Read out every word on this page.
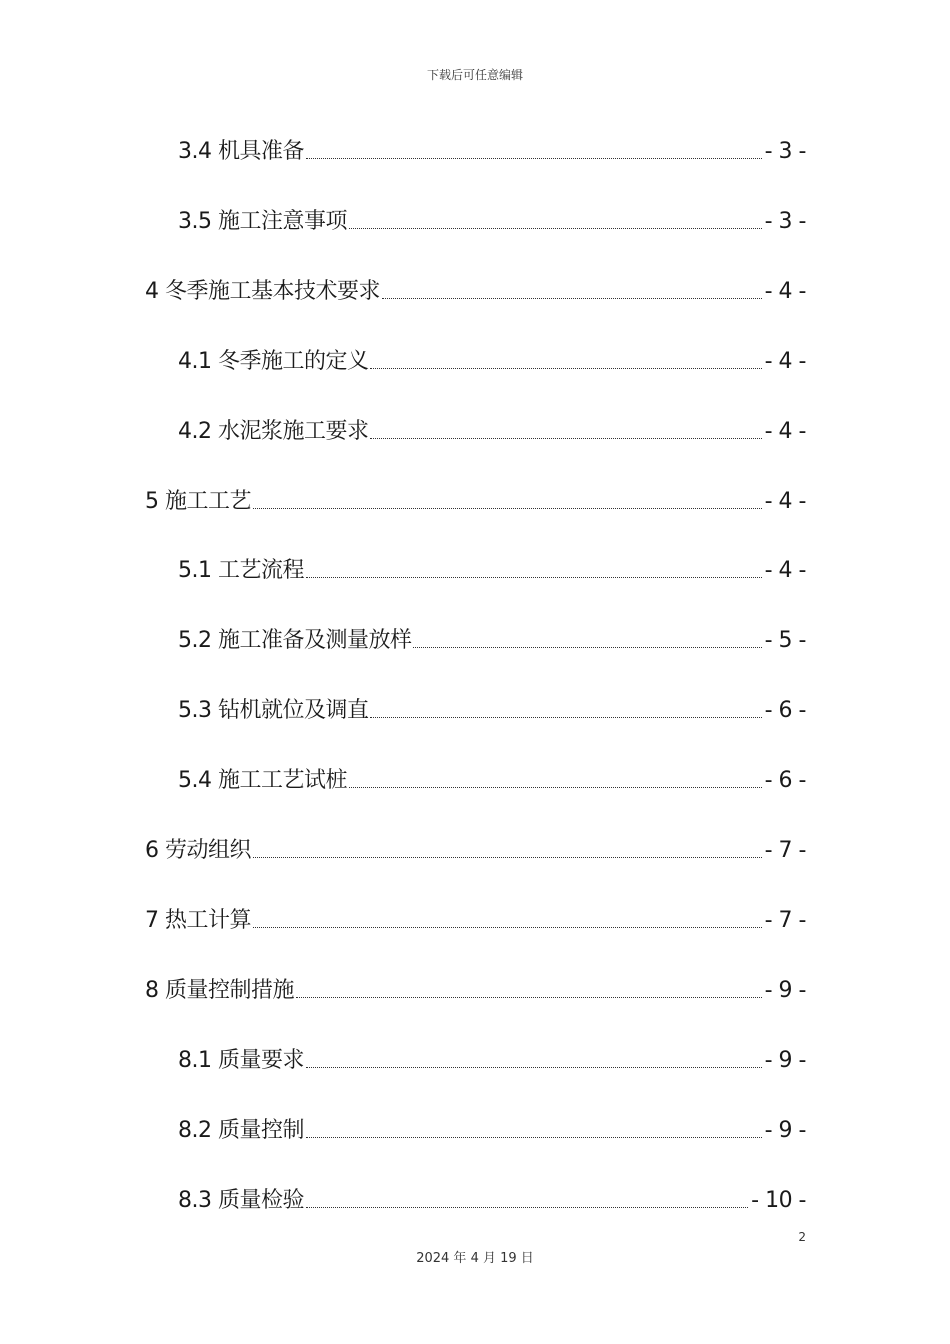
下载后可任意编辑
3.4 机具准备	- 3 -
3.5 施工注意事项	- 3 -
4 冬季施工基本技术要求	- 4 -
4.1 冬季施工的定义	- 4 -
4.2 水泥浆施工要求	- 4 -
5 施工工艺	- 4 -
5.1 工艺流程	- 4 -
5.2 施工准备及测量放样	- 5 -
5.3 钻机就位及调直	- 6 -
5.4 施工工艺试桩	- 6 -
6 劳动组织	- 7 -
7 热工计算	- 7 -
8 质量控制措施	- 9 -
8.1 质量要求	- 9 -
8.2 质量控制	- 9 -
8.3 质量检验	- 10 -
2
2024 年 4 月 19 日
